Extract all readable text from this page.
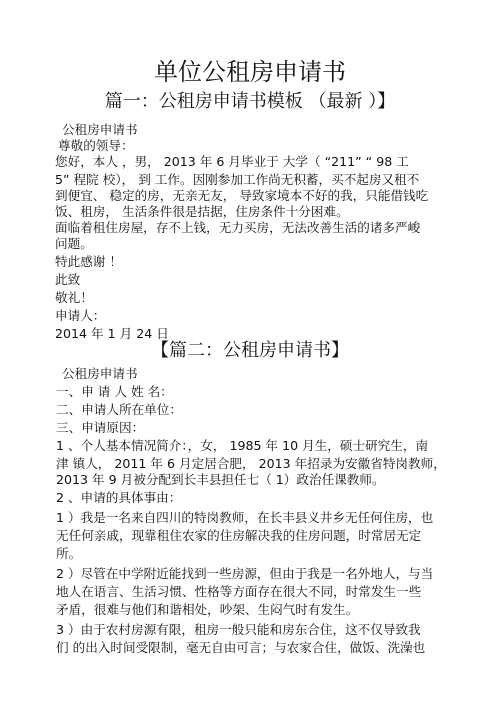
单位公租房申请书
篇一：公租房申请书模板 （最新 ）】
公租房申请书
尊敬的领导：
您好，本人 ，男， 2013 年 6 月毕业于 大学（ “211” “ 98 工
5” 程院 校）， 到 工作。因刚参加工作尚无积蓄，买不起房又租不
到便宜、 稳定的房，无亲无友， 导致家境本不好的我，只能借钱吃
饭、租房， 生活条件很是拮据，住房条件十分困难。
面临着租住房屋，存不上钱，无力买房，无法改善生活的诸多严峻
问题。
特此感谢 ！
此致
敬礼！
申请人：
2014 年 1 月 24 日
【篇二：公租房申请书】
公租房申请书
一、申 请 人 姓 名：
二、申请人所在单位：
三、申请原因：
1 、个人基本情况简介：，女， 1985 年 10 月生，硕士研究生，南
津 镇人， 2011 年 6 月定居合肥， 2013 年招录为安徽省特岗教师，
2013 年 9 月被分配到长丰县担任七（ 1）政治任课教师。
2 、申请的具体事由：
1 ）我是一名来自四川的特岗教师，在长丰县义井乡无任何住房，也
无任何亲戚，现靠租住农家的住房解决我的住房问题，时常居无定
所。
2 ）尽管在中学附近能找到一些房源，但由于我是一名外地人，与当
地人在语言、生活习惯、性格等方面存在很大不同，时常发生一些
矛盾，很难与他们和谐相处，吵架、生闷气时有发生。
3 ）由于农村房源有限，租房一般只能和房东合住，这不仅导致我
们 的出入时间受限制，毫无自由可言；与农家合住，做饭、洗澡也
